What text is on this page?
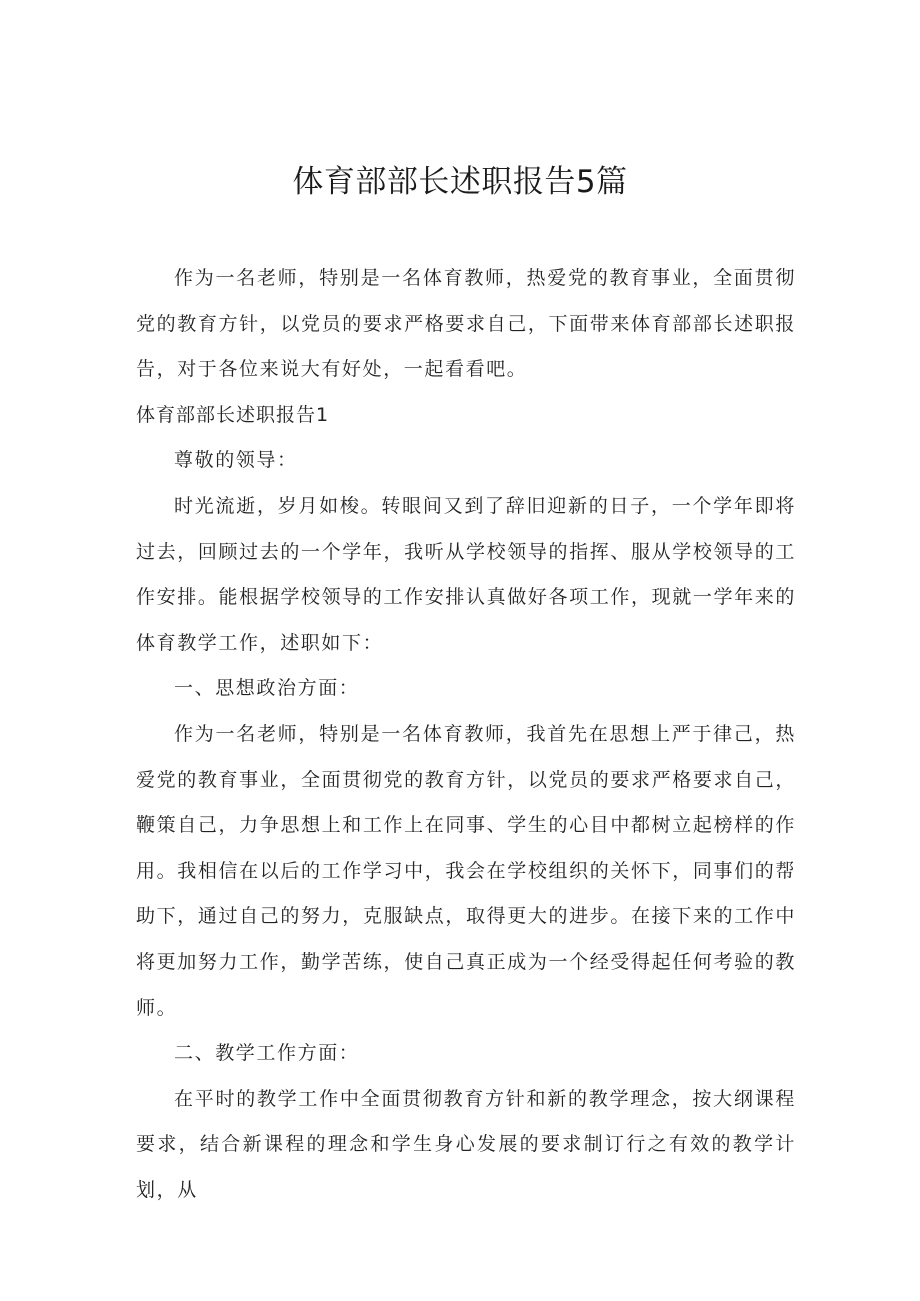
体育部部长述职报告5篇

作为一名老师，特别是一名体育教师，热爱党的教育事业，全面贯彻党的教育方针，以党员的要求严格要求自己，下面带来体育部部长述职报告，对于各位来说大有好处，一起看看吧。

体育部部长述职报告1

尊敬的领导：

时光流逝，岁月如梭。转眼间又到了辞旧迎新的日子，一个学年即将过去，回顾过去的一个学年，我听从学校领导的指挥、服从学校领导的工作安排。能根据学校领导的工作安排认真做好各项工作，现就一学年来的体育教学工作，述职如下：

一、思想政治方面：

作为一名老师，特别是一名体育教师，我首先在思想上严于律己，热爱党的教育事业，全面贯彻党的教育方针，以党员的要求严格要求自己，鞭策自己，力争思想上和工作上在同事、学生的心目中都树立起榜样的作用。我相信在以后的工作学习中，我会在学校组织的关怀下，同事们的帮助下，通过自己的努力，克服缺点，取得更大的进步。在接下来的工作中将更加努力工作，勤学苦练，使自己真正成为一个经受得起任何考验的教师。

二、教学工作方面：

在平时的教学工作中全面贯彻教育方针和新的教学理念，按大纲课程要求，结合新课程的理念和学生身心发展的要求制订行之有效的教学计划，从
